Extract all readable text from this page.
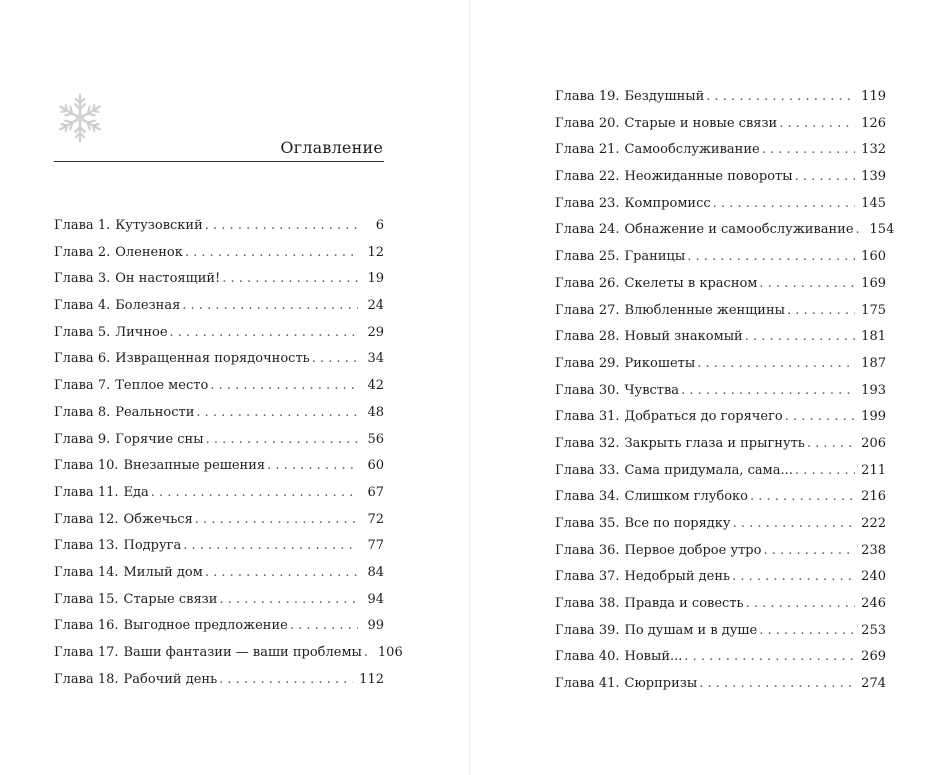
Оглавление
Глава 1. Кутузовский . . .	6
Глава 2. Олененок . . .	12
Глава 3. Он настоящий! . . .	19
Глава 4. Болезная . . .	24
Глава 5. Личное . . .	29
Глава 6. Извращенная порядочность . . .	34
Глава 7. Теплое место . . .	42
Глава 8. Реальности . . .	48
Глава 9. Горячие сны . . .	56
Глава 10. Внезапные решения . . .	60
Глава 11. Еда . . .	67
Глава 12. Обжечься . . .	72
Глава 13. Подруга . . .	77
Глава 14. Милый дом . . .	84
Глава 15. Старые связи . . .	94
Глава 16. Выгодное предложение . . .	99
Глава 17. Ваши фантазии — ваши проблемы . . . 106
Глава 18. Рабочий день . . .	112
Глава 19. Бездушный . . .	119
Глава 20. Старые и новые связи . . .	126
Глава 21. Самообслуживание . . .	132
Глава 22. Неожиданные повороты . . .	139
Глава 23. Компромисс . . .	145
Глава 24. Обнажение и самообслуживание . . . 154
Глава 25. Границы . . .	160
Глава 26. Скелеты в красном . . .	169
Глава 27. Влюбленные женщины . . .	175
Глава 28. Новый знакомый . . .	181
Глава 29. Рикошеты . . .	187
Глава 30. Чувства . . .	193
Глава 31. Добраться до горячего . . .	199
Глава 32. Закрыть глаза и прыгнуть . . .	206
Глава 33. Сама придумала, сама... . . .	211
Глава 34. Слишком глубоко . . .	216
Глава 35. Все по порядку . . .	222
Глава 36. Первое доброе утро . . .	238
Глава 37. Недобрый день . . .	240
Глава 38. Правда и совесть . . .	246
Глава 39. По душам и в душе . . .	253
Глава 40. Новый... . . .	269
Глава 41. Сюрпризы . . .	274
